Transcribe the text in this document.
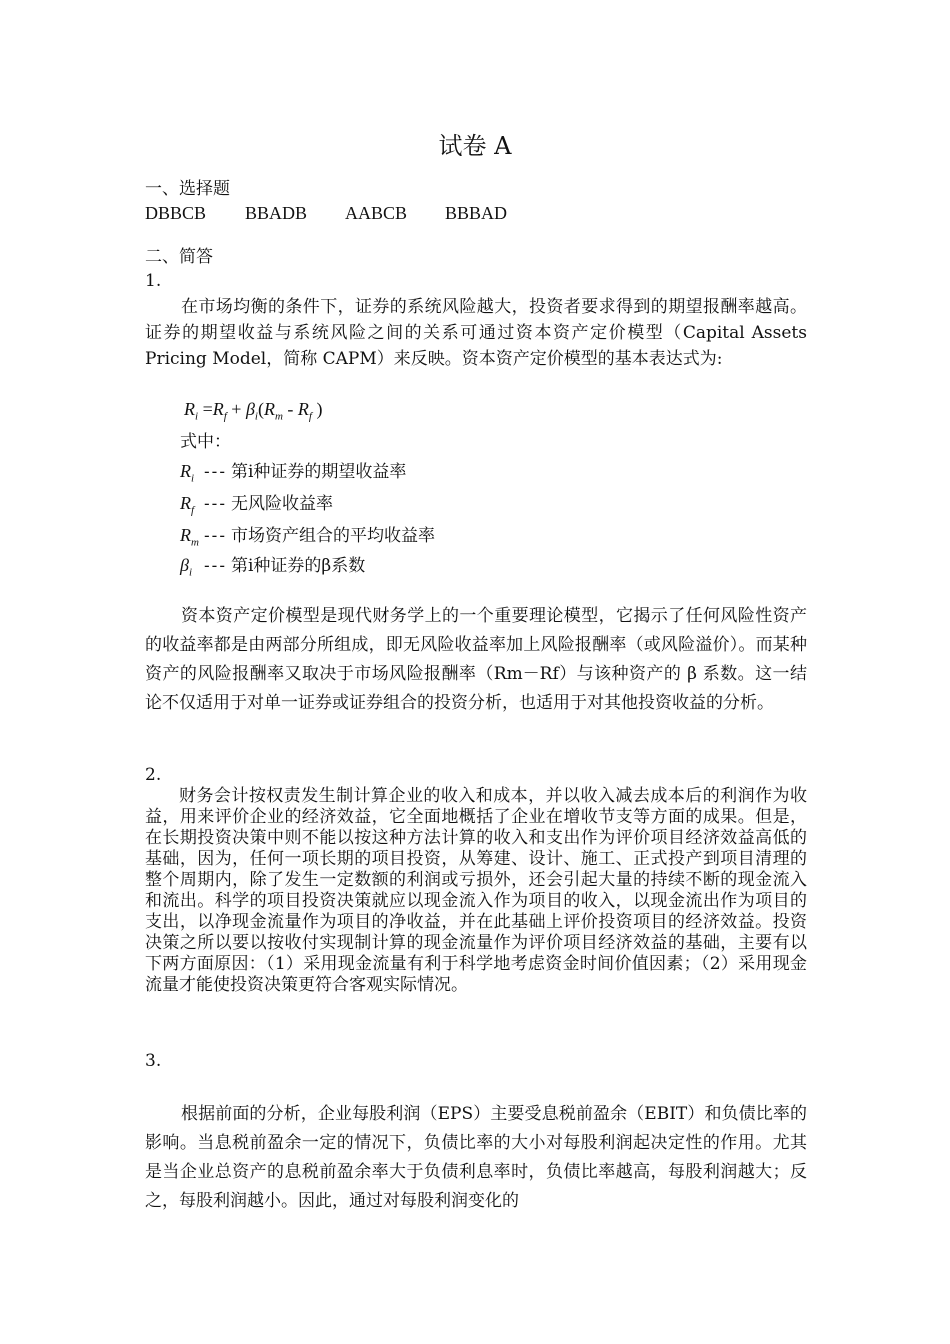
试卷 A
一、选择题
DBBCB BBADB AABCB BBBAD
二、简答
1.
在市场均衡的条件下，证券的系统风险越大，投资者要求得到的期望报酬率越高。证券的期望收益与系统风险之间的关系可通过资本资产定价模型（Capital Assets Pricing Model，简称 CAPM）来反映。资本资产定价模型的基本表达式为:
$R_i =R_f + \beta_i(R_m - R_f$ )
式中：
$R_i$ --- 第i种证券的期望收益率
$R_f$ --- 无风险收益率
$R_m$ --- 市场资产组合的平均收益率
$\beta_i$ --- 第i种证券的β系数
资本资产定价模型是现代财务学上的一个重要理论模型，它揭示了任何风险性资产的收益率都是由两部分所组成，即无风险收益率加上风险报酬率（或风险溢价）。而某种资产的风险报酬率又取决于市场风险报酬率（Rm－Rf）与该种资产的 β 系数。这一结论不仅适用于对单一证券或证券组合的投资分析，也适用于对其他投资收益的分析。
2.
财务会计按权责发生制计算企业的收入和成本，并以收入减去成本后的利润作为收益，用来评价企业的经济效益，它全面地概括了企业在增收节支等方面的成果。但是，在长期投资决策中则不能以按这种方法计算的收入和支出作为评价项目经济效益高低的基础，因为，任何一项长期的项目投资，从筹建、设计、施工、正式投产到项目清理的整个周期内，除了发生一定数额的利润或亏损外，还会引起大量的持续不断的现金流入和流出。科学的项目投资决策就应以现金流入作为项目的收入，以现金流出作为项目的支出，以净现金流量作为项目的净收益，并在此基础上评价投资项目的经济效益。投资决策之所以要以按收付实现制计算的现金流量作为评价项目经济效益的基础，主要有以下两方面原因：（1）采用现金流量有利于科学地考虑资金时间价值因素；（2）采用现金流量才能使投资决策更符合客观实际情况。
3.
根据前面的分析，企业每股利润（EPS）主要受息税前盈余（EBIT）和负债比率的影响。当息税前盈余一定的情况下，负债比率的大小对每股利润起决定性的作用。尤其是当企业总资产的息税前盈余率大于负债利息率时，负债比率越高，每股利润越大；反之，每股利润越小。因此，通过对每股利润变化的
